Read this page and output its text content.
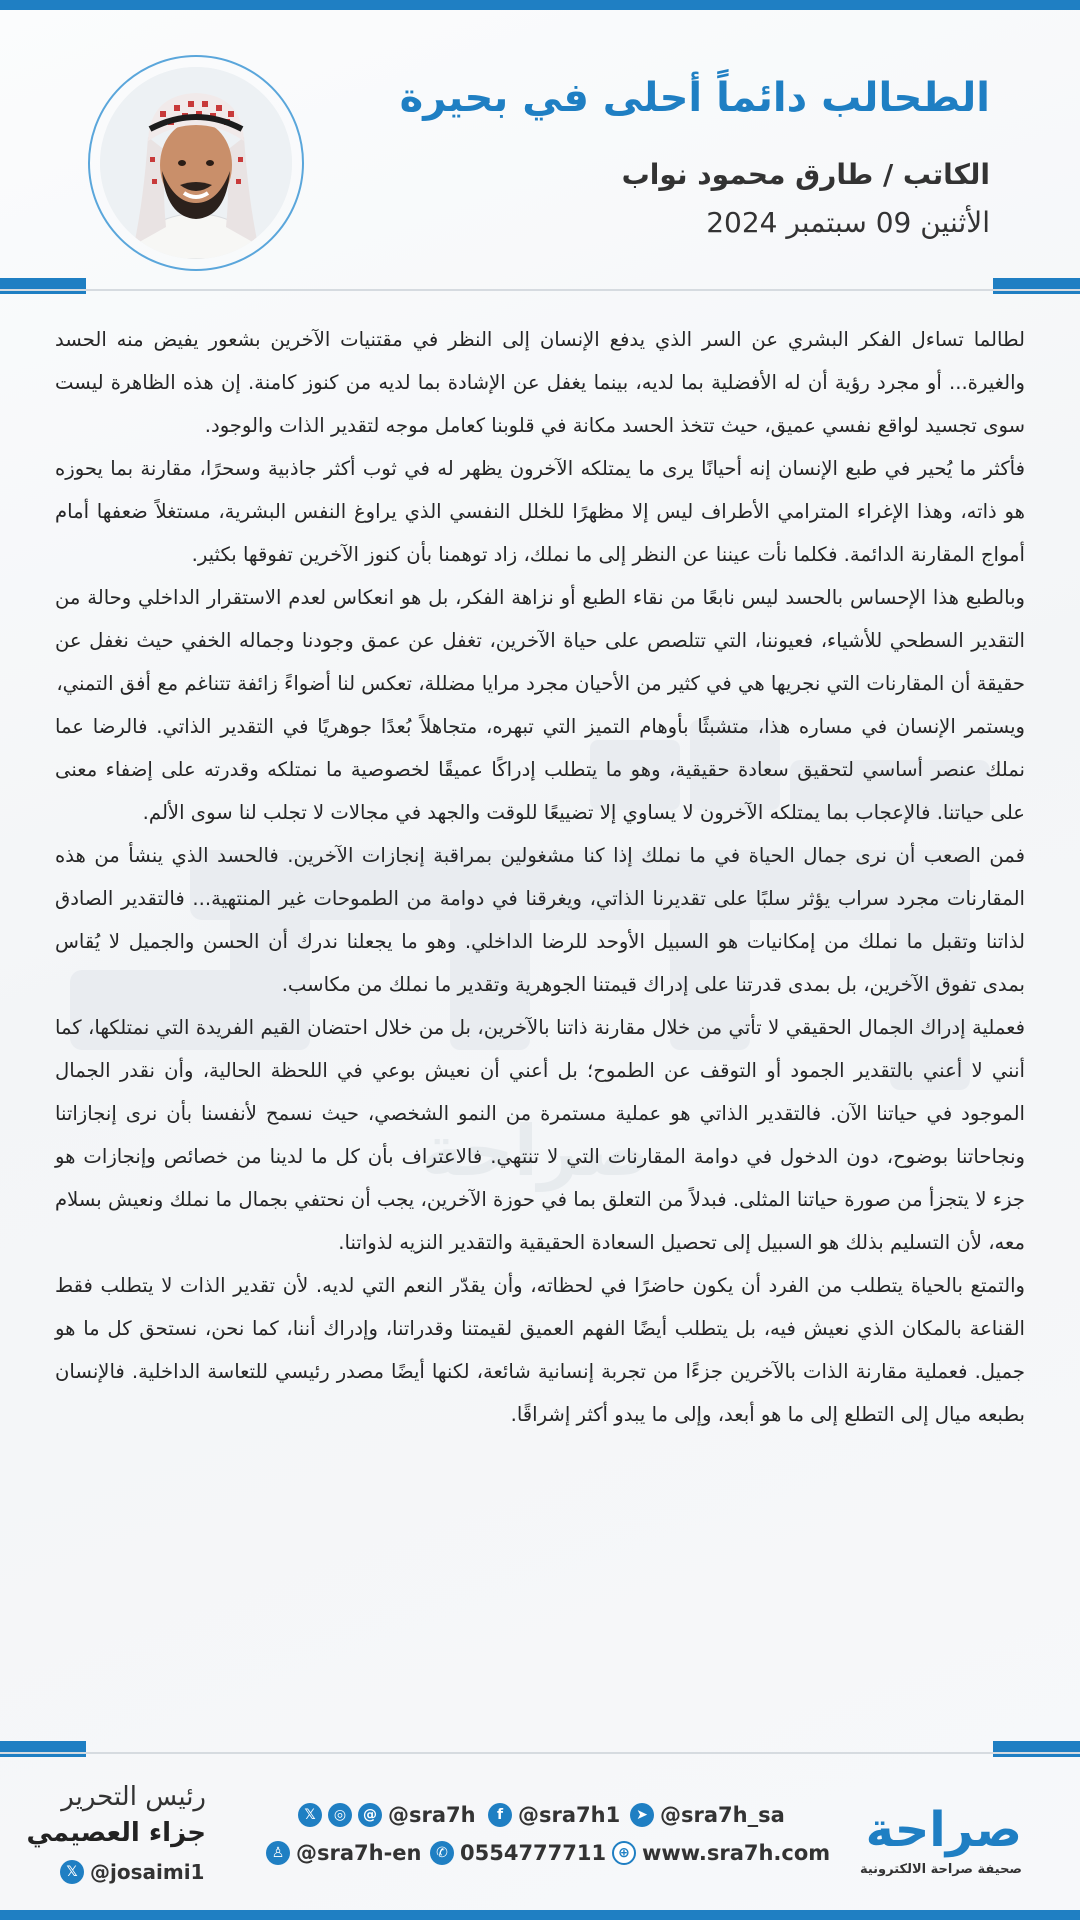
صراحة
الطحالب دائماً أحلى في بحيرة
الكاتب / طارق محمود نواب
الأثنين 09 سبتمبر 2024

لطالما تساءل الفكر البشري عن السر الذي يدفع الإنسان إلى النظر في مقتنيات الآخرين بشعور يفيض منه الحسد والغيرة... أو مجرد رؤية أن له الأفضلية بما لديه، بينما يغفل عن الإشادة بما لديه من كنوز كامنة. إن هذه الظاهرة ليست سوى تجسيد لواقع نفسي عميق، حيث تتخذ الحسد مكانة في قلوبنا كعامل موجه لتقدير الذات والوجود.

فأكثر ما يُحير في طبع الإنسان إنه أحيانًا يرى ما يمتلكه الآخرون يظهر له في ثوب أكثر جاذبية وسحرًا، مقارنة بما يحوزه هو ذاته، وهذا الإغراء المترامي الأطراف ليس إلا مظهرًا للخلل النفسي الذي يراوغ النفس البشرية، مستغلاً ضعفها أمام أمواج المقارنة الدائمة. فكلما نأت عيننا عن النظر إلى ما نملك، زاد توهمنا بأن كنوز الآخرين تفوقها بكثير.

وبالطبع هذا الإحساس بالحسد ليس نابعًا من نقاء الطبع أو نزاهة الفكر، بل هو انعكاس لعدم الاستقرار الداخلي وحالة من التقدير السطحي للأشياء، فعيوننا، التي تتلصص على حياة الآخرين، تغفل عن عمق وجودنا وجماله الخفي حيث نغفل عن حقيقة أن المقارنات التي نجريها هي في كثير من الأحيان مجرد مرايا مضللة، تعكس لنا أضواءً زائفة تتناغم مع أفق التمني،

ويستمر الإنسان في مساره هذا، متشبثًا بأوهام التميز التي تبهره، متجاهلاً بُعدًا جوهريًا في التقدير الذاتي. فالرضا عما نملك عنصر أساسي لتحقيق سعادة حقيقية، وهو ما يتطلب إدراكًا عميقًا لخصوصية ما نمتلكه وقدرته على إضفاء معنى على حياتنا. فالإعجاب بما يمتلكه الآخرون لا يساوي إلا تضييعًا للوقت والجهد في مجالات لا تجلب لنا سوى الألم.

فمن الصعب أن نرى جمال الحياة في ما نملك إذا كنا مشغولين بمراقبة إنجازات الآخرين. فالحسد الذي ينشأ من هذه المقارنات مجرد سراب يؤثر سلبًا على تقديرنا الذاتي، ويغرقنا في دوامة من الطموحات غير المنتهية... فالتقدير الصادق لذاتنا وتقبل ما نملك من إمكانيات هو السبيل الأوحد للرضا الداخلي. وهو ما يجعلنا ندرك أن الحسن والجميل لا يُقاس بمدى تفوق الآخرين، بل بمدى قدرتنا على إدراك قيمتنا الجوهرية وتقدير ما نملك من مكاسب.

فعملية إدراك الجمال الحقيقي لا تأتي من خلال مقارنة ذاتنا بالآخرين، بل من خلال احتضان القيم الفريدة التي نمتلكها، كما أنني لا أعني بالتقدير الجمود أو التوقف عن الطموح؛ بل أعني أن نعيش بوعي في اللحظة الحالية، وأن نقدر الجمال الموجود في حياتنا الآن. فالتقدير الذاتي هو عملية مستمرة من النمو الشخصي، حيث نسمح لأنفسنا بأن نرى إنجازاتنا ونجاحاتنا بوضوح، دون الدخول في دوامة المقارنات التي لا تنتهي. فالاعتراف بأن كل ما لدينا من خصائص وإنجازات هو جزء لا يتجزأ من صورة حياتنا المثلى. فبدلاً من التعلق بما في حوزة الآخرين، يجب أن نحتفي بجمال ما نملك ونعيش بسلام معه، لأن التسليم بذلك هو السبيل إلى تحصيل السعادة الحقيقية والتقدير النزيه لذواتنا.

والتمتع بالحياة يتطلب من الفرد أن يكون حاضرًا في لحظاته، وأن يقدّر النعم التي لديه. لأن تقدير الذات لا يتطلب فقط القناعة بالمكان الذي نعيش فيه، بل يتطلب أيضًا الفهم العميق لقيمتنا وقدراتنا، وإدراك أننا، كما نحن، نستحق كل ما هو جميل. فعملية مقارنة الذات بالآخرين جزءًا من تجربة إنسانية شائعة، لكنها أيضًا مصدر رئيسي للتعاسة الداخلية. فالإنسان بطبعه ميال إلى التطلع إلى ما هو أبعد، وإلى ما يبدو أكثر إشراقًا.

صراحة
صحيفة صراحة الالكترونية
𝕏	◎	@ @sra7h	f @sra7h1	➤ @sra7h_sa
♙ @sra7h-en	✆ 0554777711 ⊕ www.sra7h.com
رئيس التحرير
جزاء العصيمي
𝕏 @josaimi1
